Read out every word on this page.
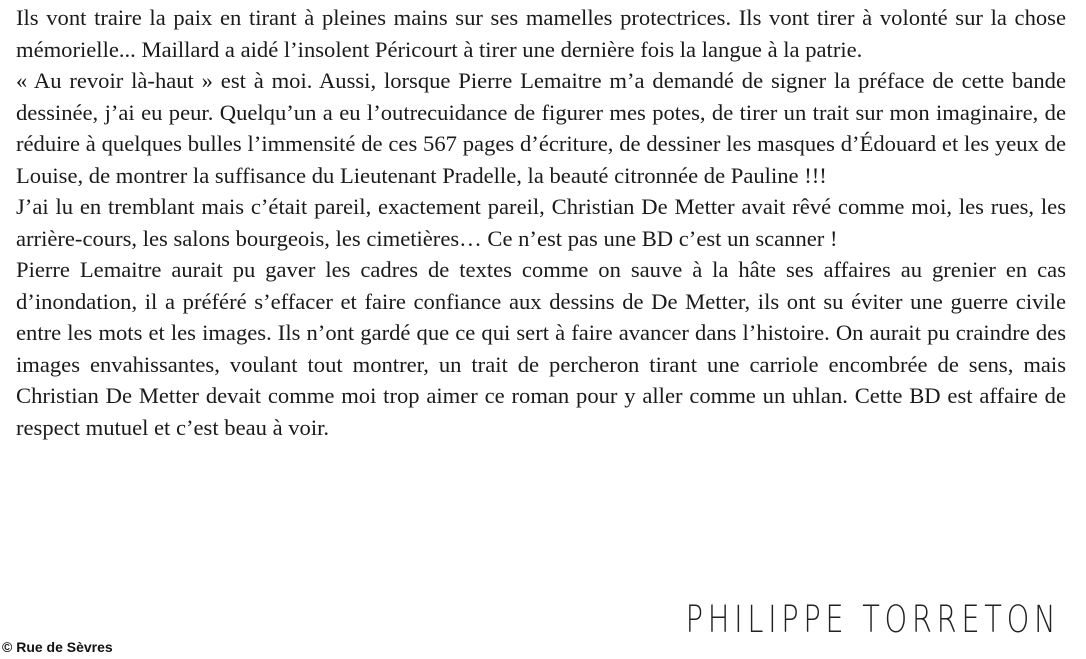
Ils vont traire la paix en tirant à pleines mains sur ses mamelles protectrices. Ils vont tirer à volonté sur la chose mémorielle... Maillard a aidé l’insolent Péricourt à tirer une dernière fois la langue à la patrie.

« Au revoir là-haut » est à moi. Aussi, lorsque Pierre Lemaitre m’a demandé de signer la préface de cette bande dessinée, j’ai eu peur. Quelqu’un a eu l’outrecuidance de figurer mes potes, de tirer un trait sur mon imaginaire, de réduire à quelques bulles l’immensité de ces 567 pages d’écriture, de dessiner les masques d’Édouard et les yeux de Louise, de montrer la suffisance du Lieutenant Pradelle, la beauté citronnée de Pauline !!!

J’ai lu en tremblant mais c’était pareil, exactement pareil, Christian De Metter avait rêvé comme moi, les rues, les arrière-cours, les salons bourgeois, les cimetières… Ce n’est pas une BD c’est un scanner !

Pierre Lemaitre aurait pu gaver les cadres de textes comme on sauve à la hâte ses affaires au grenier en cas d’inondation, il a préféré s’effacer et faire confiance aux dessins de De Metter, ils ont su éviter une guerre civile entre les mots et les images. Ils n’ont gardé que ce qui sert à faire avancer dans l’histoire. On aurait pu craindre des images envahissantes, voulant tout montrer, un trait de percheron tirant une carriole encombrée de sens, mais Christian De Metter devait comme moi trop aimer ce roman pour y aller comme un uhlan. Cette BD est affaire de respect mutuel et c’est beau à voir.

PHILIPPE TORRETON
© Rue de Sèvres
